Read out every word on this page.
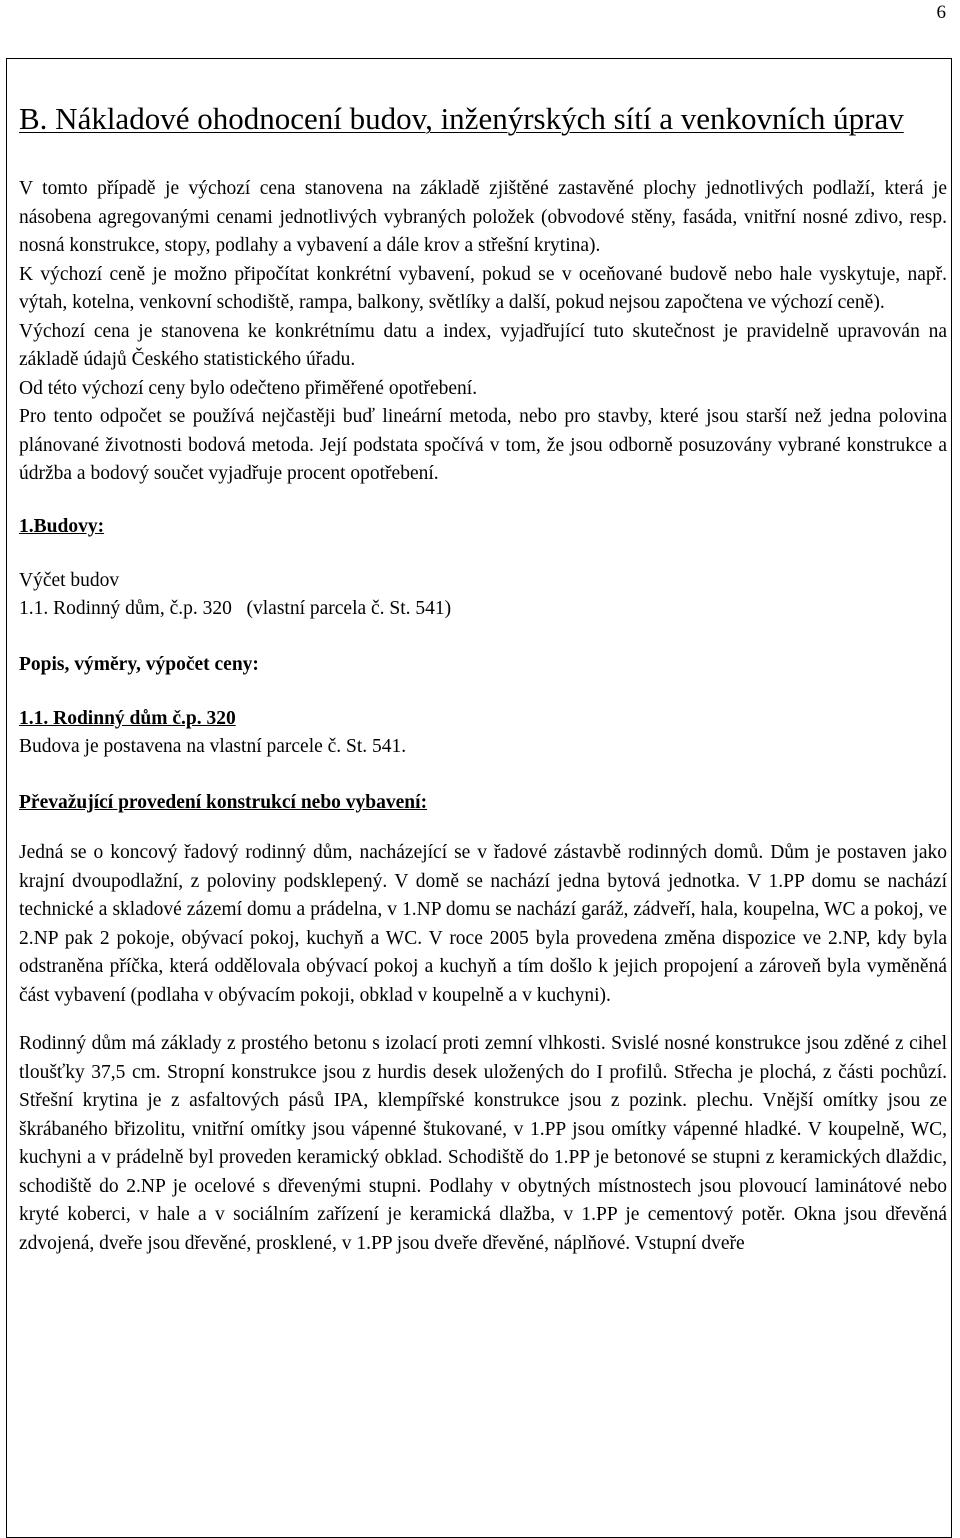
6
B. Nákladové ohodnocení budov, inženýrských sítí a venkovních úprav

V tomto případě je výchozí cena stanovena na základě zjištěné zastavěné plochy jednotlivých podlaží, která je násobena agregovanými cenami jednotlivých vybraných položek (obvodové stěny, fasáda, vnitřní nosné zdivo, resp. nosná konstrukce, stopy, podlahy a vybavení a dále krov a střešní krytina).

K výchozí ceně je možno připočítat konkrétní vybavení, pokud se v oceňované budově nebo hale vyskytuje, např. výtah, kotelna, venkovní schodiště, rampa, balkony, světlíky a další, pokud nejsou započtena ve výchozí ceně).

Výchozí cena je stanovena ke konkrétnímu datu a index, vyjadřující tuto skutečnost je pravidelně upravován na základě údajů Českého statistického úřadu.

Od této výchozí ceny bylo odečteno přiměřené opotřebení.

Pro tento odpočet se používá nejčastěji buď lineární metoda, nebo pro stavby, které jsou starší než jedna polovina plánované životnosti bodová metoda. Její podstata spočívá v tom, že jsou odborně posuzovány vybrané konstrukce a údržba a bodový součet vyjadřuje procent opotřebení.

1.Budovy:

Výčet budov

1.1. Rodinný dům, č.p. 320   (vlastní parcela č. St. 541)

Popis, výměry, výpočet ceny:
1.1. Rodinný dům č.p. 320

Budova je postavena na vlastní parcele č. St. 541.

Převažující provedení konstrukcí nebo vybavení:

Jedná se o koncový řadový rodinný dům, nacházející se v řadové zástavbě rodinných domů. Dům je postaven jako krajní dvoupodlažní, z poloviny podsklepený. V domě se nachází jedna bytová jednotka. V 1.PP domu se nachází technické a skladové zázemí domu a prádelna, v 1.NP domu se nachází garáž, zádveří, hala, koupelna, WC a pokoj, ve 2.NP pak 2 pokoje, obývací pokoj, kuchyň a WC. V roce 2005 byla provedena změna dispozice ve 2.NP, kdy byla odstraněna příčka, která oddělovala obývací pokoj a kuchyň a tím došlo k jejich propojení a zároveň byla vyměněná část vybavení (podlaha v obývacím pokoji, obklad v koupelně a v kuchyni).

Rodinný dům má základy z prostého betonu s izolací proti zemní vlhkosti. Svislé nosné konstrukce jsou zděné z cihel tloušťky 37,5 cm. Stropní konstrukce jsou z hurdis desek uložených do I profilů. Střecha je plochá, z části pochůzí. Střešní krytina je z asfaltových pásů IPA, klempířské konstrukce jsou z pozink. plechu. Vnější omítky jsou ze škrábaného břizolitu, vnitřní omítky jsou vápenné štukované, v 1.PP jsou omítky vápenné hladké. V koupelně, WC, kuchyni a v prádelně byl proveden keramický obklad. Schodiště do 1.PP je betonové se stupni z keramických dlaždic, schodiště do 2.NP je ocelové s dřevenými stupni. Podlahy v obytných místnostech jsou plovoucí laminátové nebo kryté koberci, v hale a v sociálním zařízení je keramická dlažba, v 1.PP je cementový potěr. Okna jsou dřevěná zdvojená, dveře jsou dřevěné, prosklené, v 1.PP jsou dveře dřevěné, náplňové. Vstupní dveře
